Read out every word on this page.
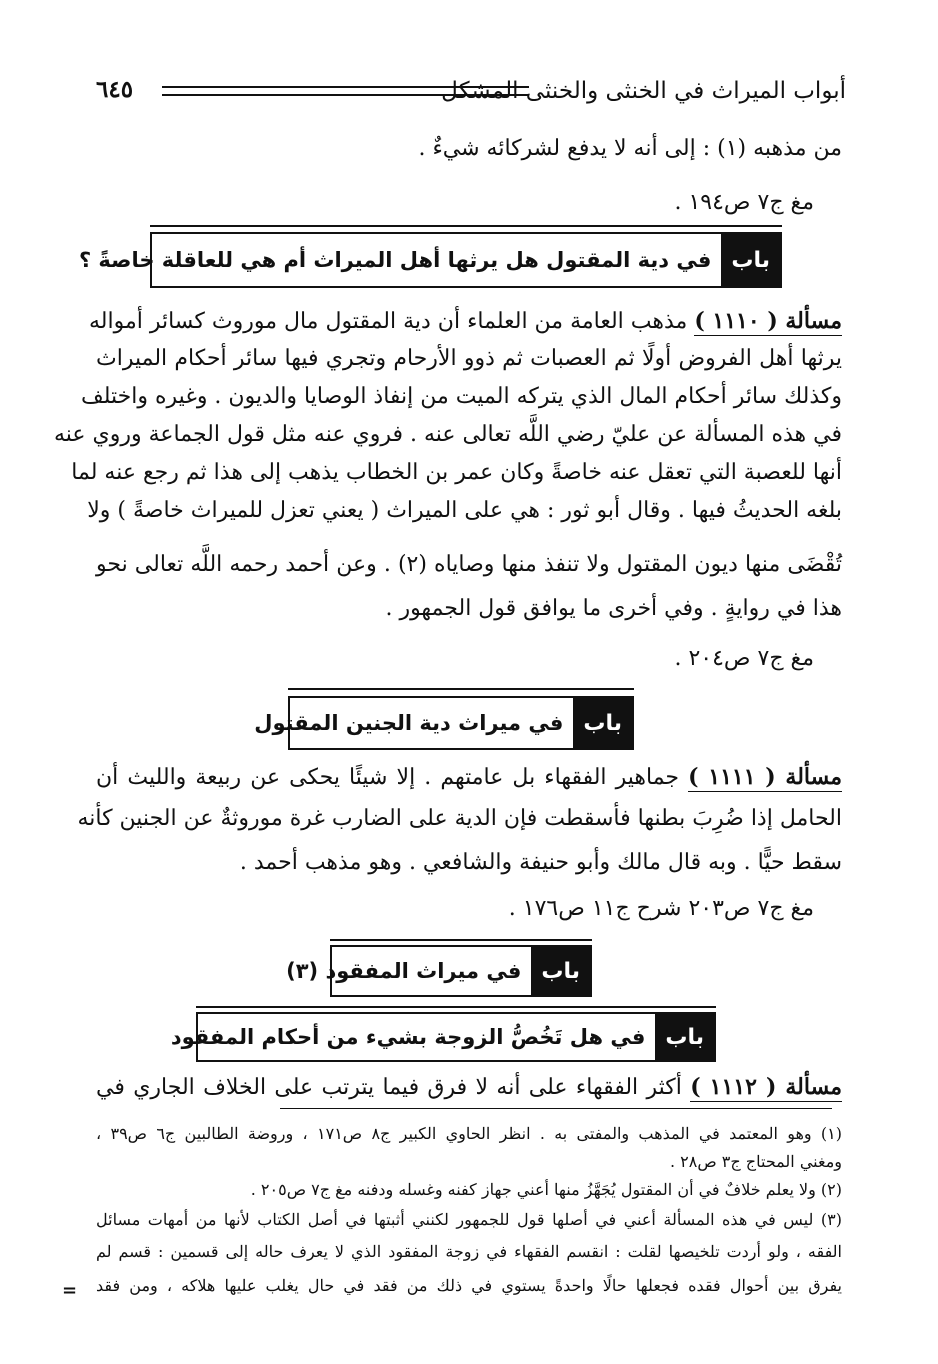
أبواب الميراث في الخنثى والخنثى المشكل
٦٤٥
من مذهبه (١) : إلى أنه لا يدفع لشركائه شيءٌ .
مغ ج٧ ص١٩٤ .
باب
في دية المقتول هل يرثها أهل الميراث أم هي للعاقلة خاصةً ؟
مسألة ( ١١١٠ ) مذهب العامة من العلماء أن دية المقتول مال موروث كسائر أمواله
يرثها أهل الفروض أولًا ثم العصبات ثم ذوو الأرحام وتجري فيها سائر أحكام الميراث
وكذلك سائر أحكام المال الذي يتركه الميت من إنفاذ الوصايا والديون . وغيره واختلف
في هذه المسألة عن عليّ رضي اللَّه تعالى عنه . فروي عنه مثل قول الجماعة وروي عنه
أنها للعصبة التي تعقل عنه خاصةً وكان عمر بن الخطاب يذهب إلى هذا ثم رجع عنه لما
بلغه الحديثُ فيها . وقال أبو ثور : هي على الميراث ( يعني تعزل للميراث خاصةً ) ولا
تُقْضَى منها ديون المقتول ولا تنفذ منها وصاياه (٢) . وعن أحمد رحمه اللَّه تعالى نحو
هذا في روايةٍ . وفي أخرى ما يوافق قول الجمهور .
مغ ج٧ ص٢٠٤ .
باب
في ميراث دية الجنين المقتول
مسألة ( ١١١١ ) جماهير الفقهاء بل عامتهم . إلا شيئًا يحكى عن ربيعة والليث أن
الحامل إذا ضُرِبَ بطنها فأسقطت فإن الدية على الضارب غرة موروثةٌ عن الجنين كأنه
سقط حيًّا . وبه قال مالك وأبو حنيفة والشافعي . وهو مذهب أحمد .
مغ ج٧ ص٢٠٣ شرح ج١١ ص١٧٦ .
باب
في ميراث المفقود (٣)
باب
في هل تَخُصُّ الزوجة بشيء من أحكام المفقود
مسألة ( ١١١٢ ) أكثر الفقهاء على أنه لا فرق فيما يترتب على الخلاف الجاري في
(١) وهو المعتمد في المذهب والمفتى به . انظر الحاوي الكبير ج٨ ص١٧١ ، وروضة الطالبين ج٦ ص٣٩ ،
ومغني المحتاج ج٣ ص٢٨ .
(٢) ولا يعلم خلافٌ في أن المقتول يُجَهَّزُ منها أعني جهاز كفنه وغسله ودفنه مغ ج٧ ص٢٠٥ .
(٣) ليس في هذه المسألة أعني في أصلها قول للجمهور لكنني أثبتها في أصل الكتاب لأنها من أمهات مسائل
الفقه ، ولو أردت تلخيصها لقلت : انقسم الفقهاء في زوجة المفقود الذي لا يعرف حاله إلى قسمين : قسم لم
يفرق بين أحوال فقده فجعلها حالًا واحدةً يستوي في ذلك من فقد في حال يغلب عليها هلاكه ، ومن فقد
=
